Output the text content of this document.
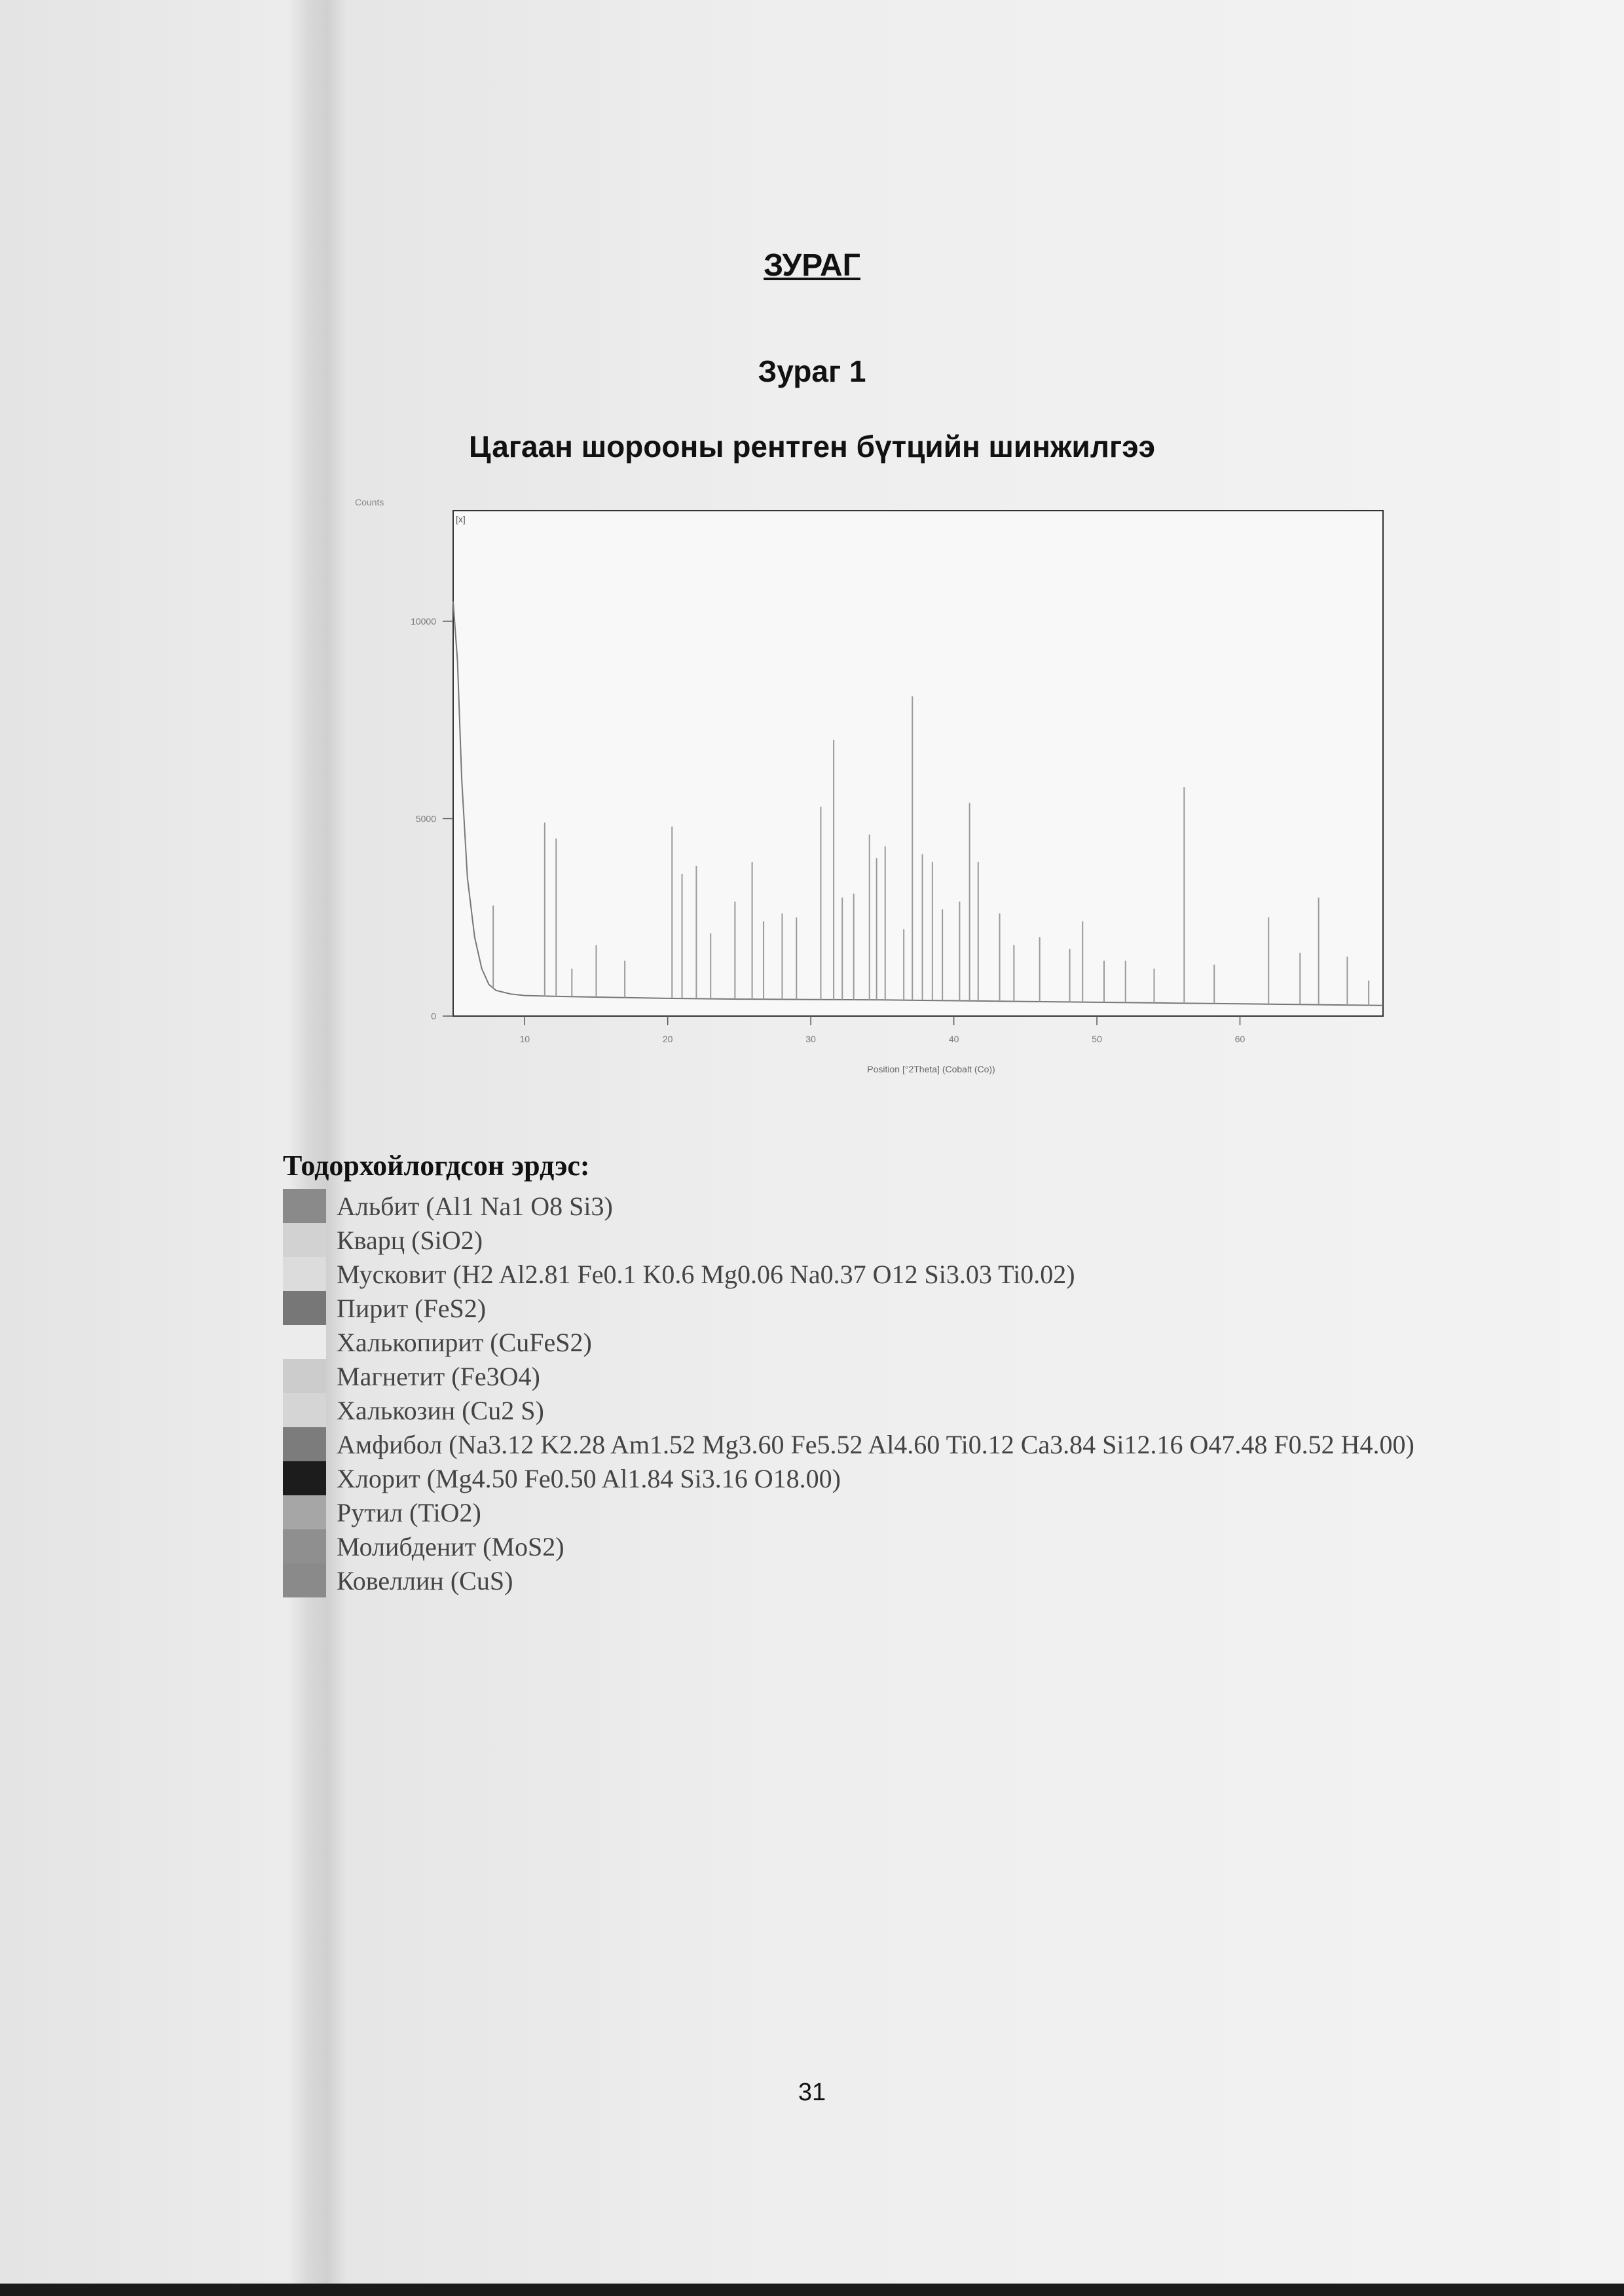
ЗУРАГ
Зураг 1
Цагаан шорооны рентген бүтцийн шинжилгээ
Counts
[x]
0
5000
10000
10	20	30	40	50	60
Position [°2Theta] (Cobalt (Co))
Тодорхойлогдсон эрдэс:
Альбит (Al1 Na1 O8 Si3)
Кварц (SiO2)
Мусковит (H2 Al2.81 Fe0.1 K0.6 Mg0.06 Na0.37 O12 Si3.03 Ti0.02)
Пирит (FeS2)
Халькопирит (CuFeS2)
Магнетит (Fe3O4)
Халькозин (Cu2 S)
Амфибол (Na3.12 K2.28 Am1.52 Mg3.60 Fe5.52 Al4.60 Ti0.12 Ca3.84 Si12.16 O47.48 F0.52 H4.00)
Хлорит (Mg4.50 Fe0.50 Al1.84 Si3.16 O18.00)
Рутил (TiO2)
Молибденит (MoS2)
Ковеллин (CuS)
31
